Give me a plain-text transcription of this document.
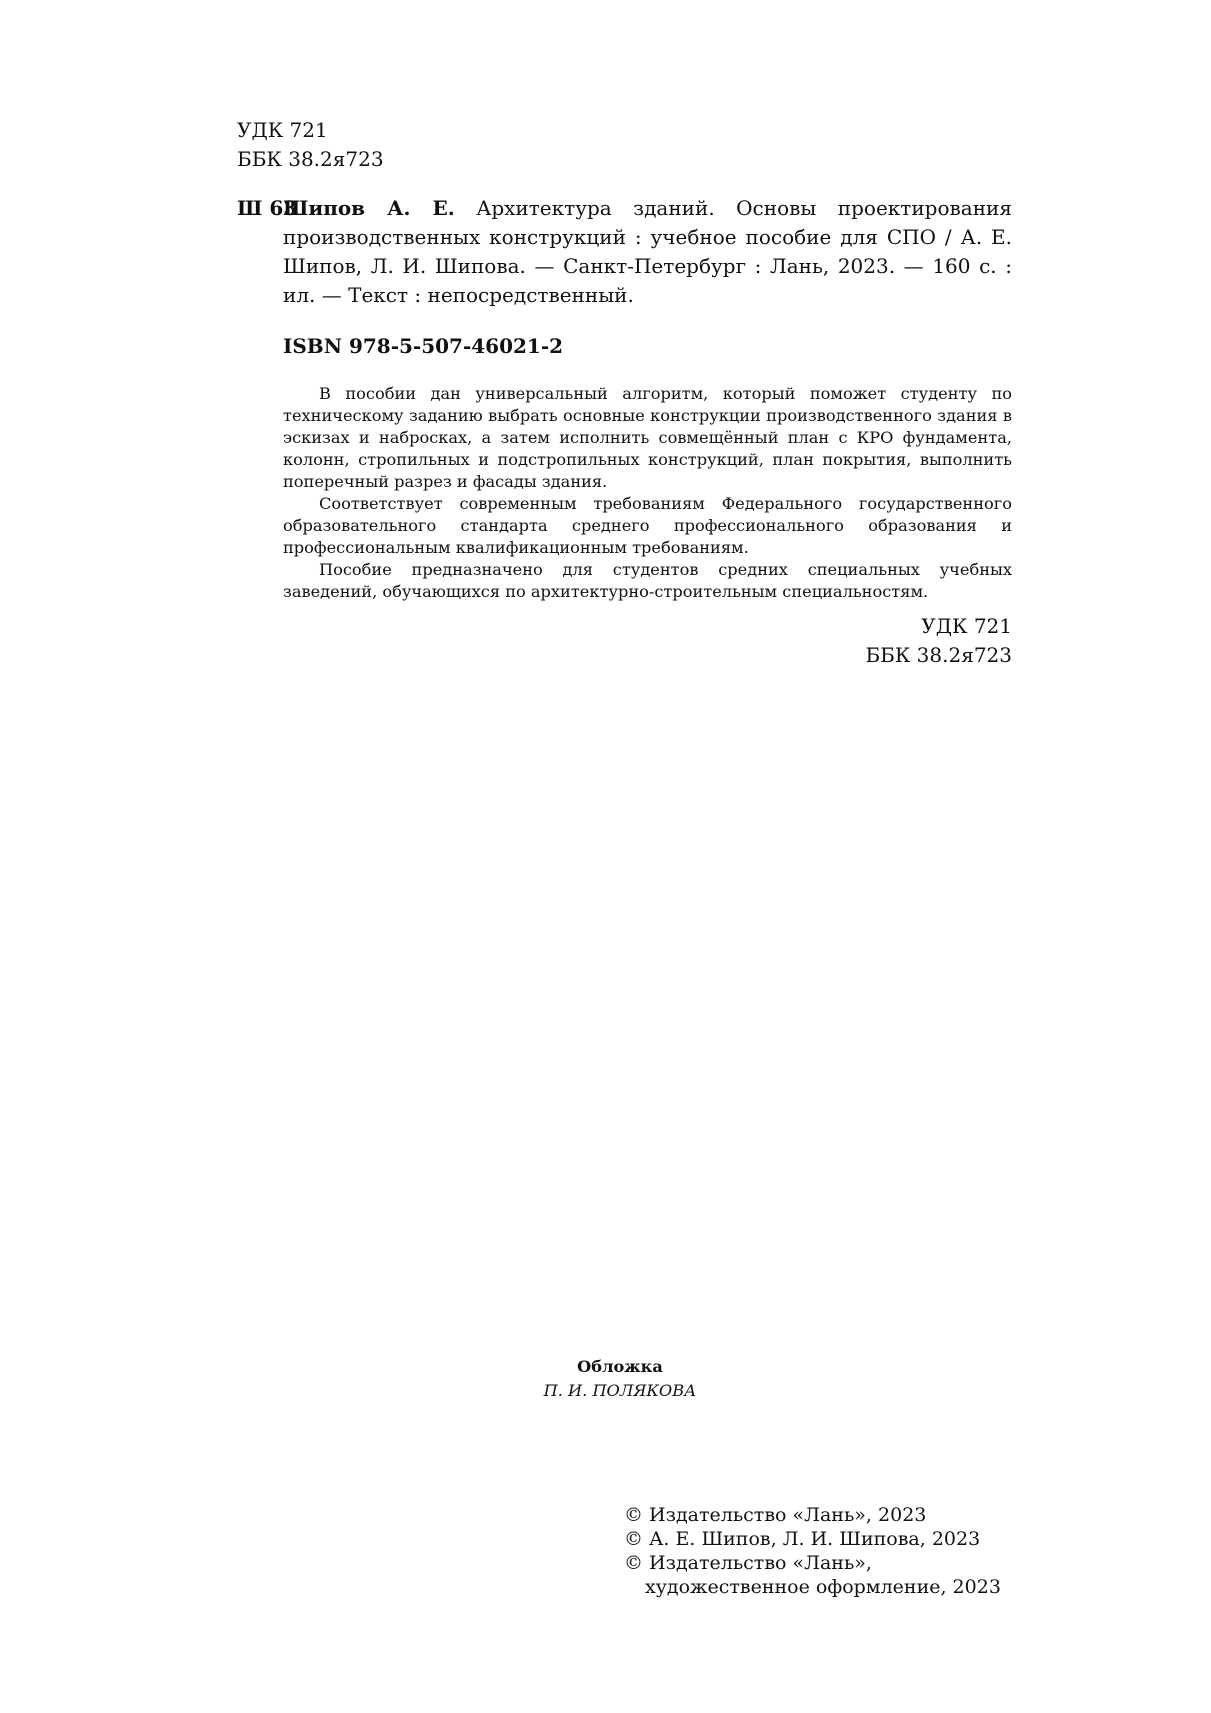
УДК 721
ББК 38.2я723
Ш 63
Шипов А. Е. Архитектура зданий. Основы проектирования производственных конструкций : учебное пособие для СПО / А. Е. Шипов, Л. И. Шипова. — Санкт-Петербург : Лань, 2023. — 160 с. : ил. — Текст : непосредственный.
ISBN 978-5-507-46021-2

В пособии дан универсальный алгоритм, который поможет студенту по техническому заданию выбрать основные конструкции производственного здания в эскизах и набросках, а затем исполнить совмещённый план с КРО фундамента, колонн, стропильных и подстропильных конструкций, план покрытия, выполнить поперечный разрез и фасады здания.

Соответствует современным требованиям Федерального государственного образовательного стандарта среднего профессионального образования и профессиональным квалификационным требованиям.

Пособие предназначено для студентов средних специальных учебных заведений, обучающихся по архитектурно-строительным специальностям.

УДК 721
ББК 38.2я723
Обложка
П. И. ПОЛЯКОВА
© Издательство «Лань», 2023
© А. Е. Шипов, Л. И. Шипова, 2023
© Издательство «Лань»,
художественное оформление, 2023
